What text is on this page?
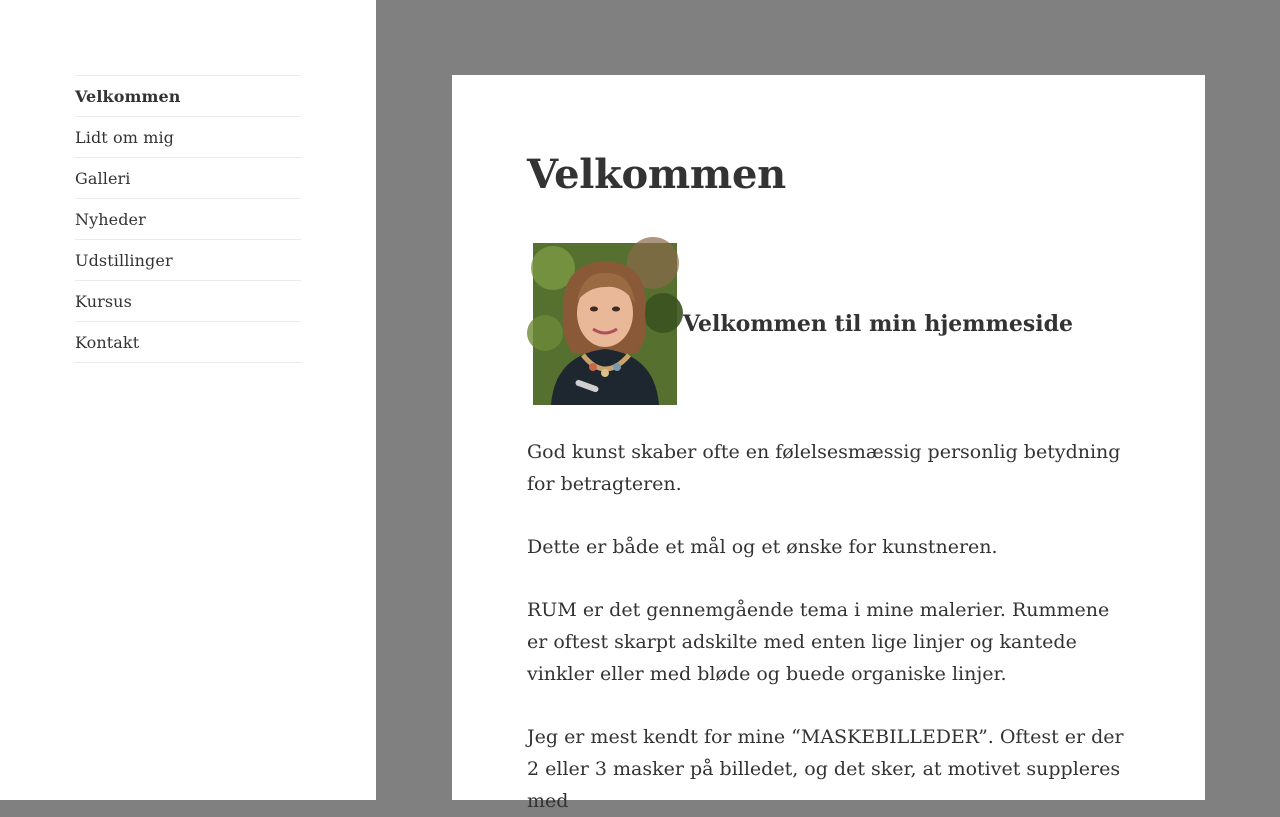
Velkommen
Lidt om mig
Galleri
Nyheder
Udstillinger
Kursus
Kontakt
Velkommen
Velkommen til min hjemmeside

God kunst skaber ofte en følelsesmæssig personlig betydning for betragteren.

Dette er både et mål og et ønske for kunstneren.

RUM er det gennemgående tema i mine malerier. Rummene er oftest skarpt adskilte med enten lige linjer og kantede vinkler eller med bløde og buede organiske linjer.

Jeg er mest kendt for mine “MASKEBILLEDER”. Oftest er der 2 eller 3 masker på billedet, og det sker, at motivet suppleres med
